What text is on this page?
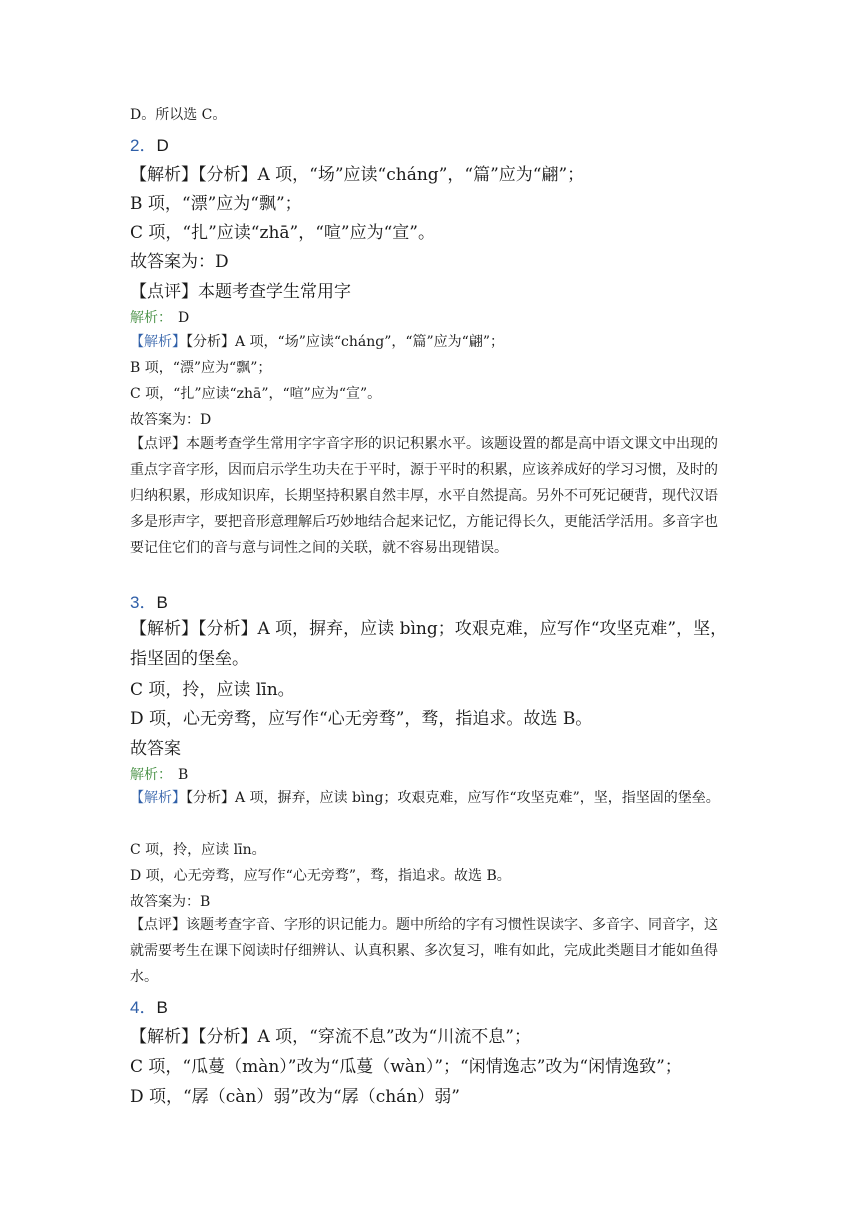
D。所以选 C。
2．D
【解析】【分析】A 项，“场”应读“cháng”，“篇”应为“翩”；
B 项，“漂”应为“飘”；
C 项，“扎”应读“zhā”，“喧”应为“宣”。
故答案为：D
【点评】本题考查学生常用字
解析： D
【解析】【分析】A 项，“场”应读“cháng”，“篇”应为“翩”；
B 项，“漂”应为“飘”；
C 项，“扎”应读“zhā”，“喧”应为“宣”。
故答案为：D
【点评】本题考查学生常用字字音字形的识记积累水平。该题设置的都是高中语文课文中出现的重点字音字形，因而启示学生功夫在于平时，源于平时的积累，应该养成好的学习习惯，及时的归纳积累，形成知识库，长期坚持积累自然丰厚，水平自然提高。另外不可死记硬背，现代汉语多是形声字，要把音形意理解后巧妙地结合起来记忆，方能记得长久，更能活学活用。多音字也要记住它们的音与意与词性之间的关联，就不容易出现错误。
3．B
【解析】【分析】A 项，摒弃，应读 bìng；攻艰克难，应写作“攻坚克难”，坚，指坚固的堡垒。
C 项，拎，应读 līn。
D 项，心无旁骛，应写作“心无旁骛”，骛，指追求。故选 B。
故答案
解析： B
【解析】【分析】A 项，摒弃，应读 bìng；攻艰克难，应写作“攻坚克难”，坚，指坚固的堡垒。
C 项，拎，应读 līn。
D 项，心无旁骛，应写作“心无旁骛”，骛，指追求。故选 B。
故答案为：B
【点评】该题考查字音、字形的识记能力。题中所给的字有习惯性误读字、多音字、同音字，这就需要考生在课下阅读时仔细辨认、认真积累、多次复习，唯有如此，完成此类题目才能如鱼得水。
4．B
【解析】【分析】A 项，“穿流不息”改为“川流不息”；
C 项，“瓜蔓（màn）”改为“瓜蔓（wàn）”；“闲情逸志”改为“闲情逸致”；
D 项，“孱（càn）弱”改为“孱（chán）弱”
